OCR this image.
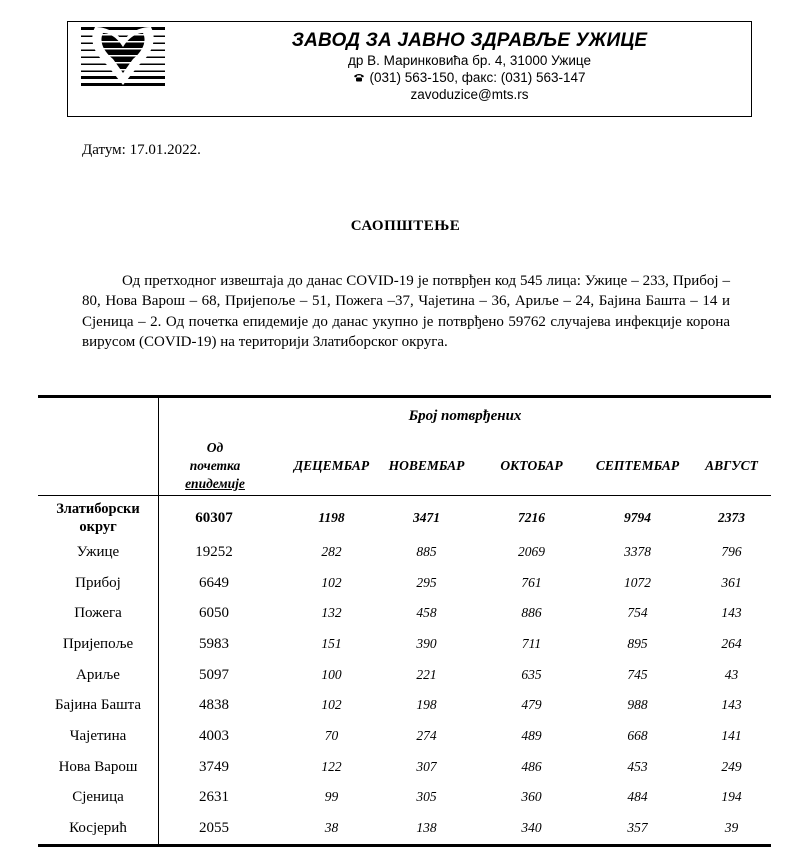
ЗАВОД ЗА ЈАВНО ЗДРАВЉЕ УЖИЦЕ
др В. Маринковића бр. 4, 31000 Ужице
(031) 563-150, факс: (031) 563-147
zavoduzice@mts.rs
Датум: 17.01.2022.
САОПШТЕЊЕ
Од претходног извештаја до данас COVID-19 је потврђен код 545 лица: Ужице – 233, Прибој – 80, Нова Варош – 68, Пријепоље – 51, Пожега –37, Чајетина – 36, Ариље – 24, Бајина Башта – 14 и Сјеница – 2. Од почетка епидемије до данас укупно је потврђено 59762 случајева инфекције корона вирусом (COVID-19) на територији Златиборског округа.
Број потврђених
Од
почетка
епидемије
ДЕЦЕМБАР	НОВЕМБАР	ОКТОБАР	СЕПТЕМБАР	АВГУСТ
Златиборски округ
60307	1198	3471	7216	9794	2373
Ужице	19252	282	885	2069	3378	796
Прибој	6649	102	295	761	1072	361
Пожега	6050	132	458	886	754	143
Пријепоље	5983	151	390	711	895	264
Ариље	5097	100	221	635	745	43
Бајина Башта	4838	102	198	479	988	143
Чајетина	4003	70	274	489	668	141
Нова Варош	3749	122	307	486	453	249
Сјеница	2631	99	305	360	484	194
Косјерић	2055	38	138	340	357	39
